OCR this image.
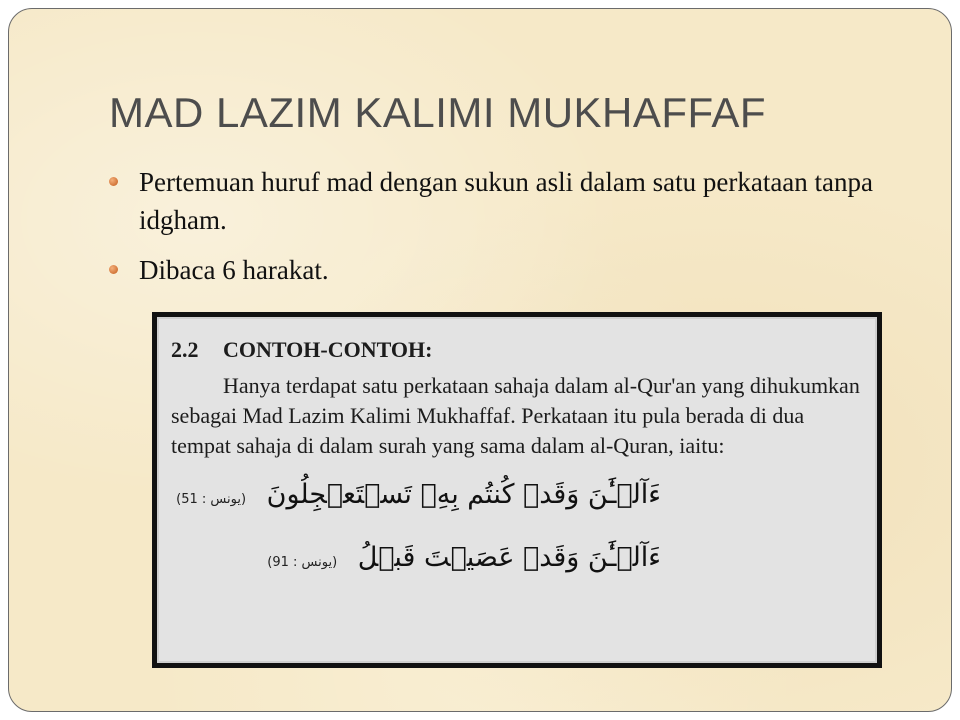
MAD LAZIM KALIMI MUKHAFFAF
Pertemuan huruf mad dengan sukun asli dalam satu perkataan tanpa idgham.
Dibaca 6 harakat.

2.2 CONTOH-CONTOH:

Hanya terdapat satu perkataan sahaja dalam al-Qur'an yang dihukumkan sebagai Mad Lazim Kalimi Mukhaffaf. Perkataan itu pula berada di dua tempat sahaja di dalam surah yang sama dalam al-Quran, iaitu:

ءَآلۡـَٰٔنَ وَقَدۡ كُنتُم بِهِۦ تَسۡتَعۡجِلُونَ (يونس : 51)

ءَآلۡـَٰٔنَ وَقَدۡ عَصَيۡتَ قَبۡلُ (يونس : 91)
